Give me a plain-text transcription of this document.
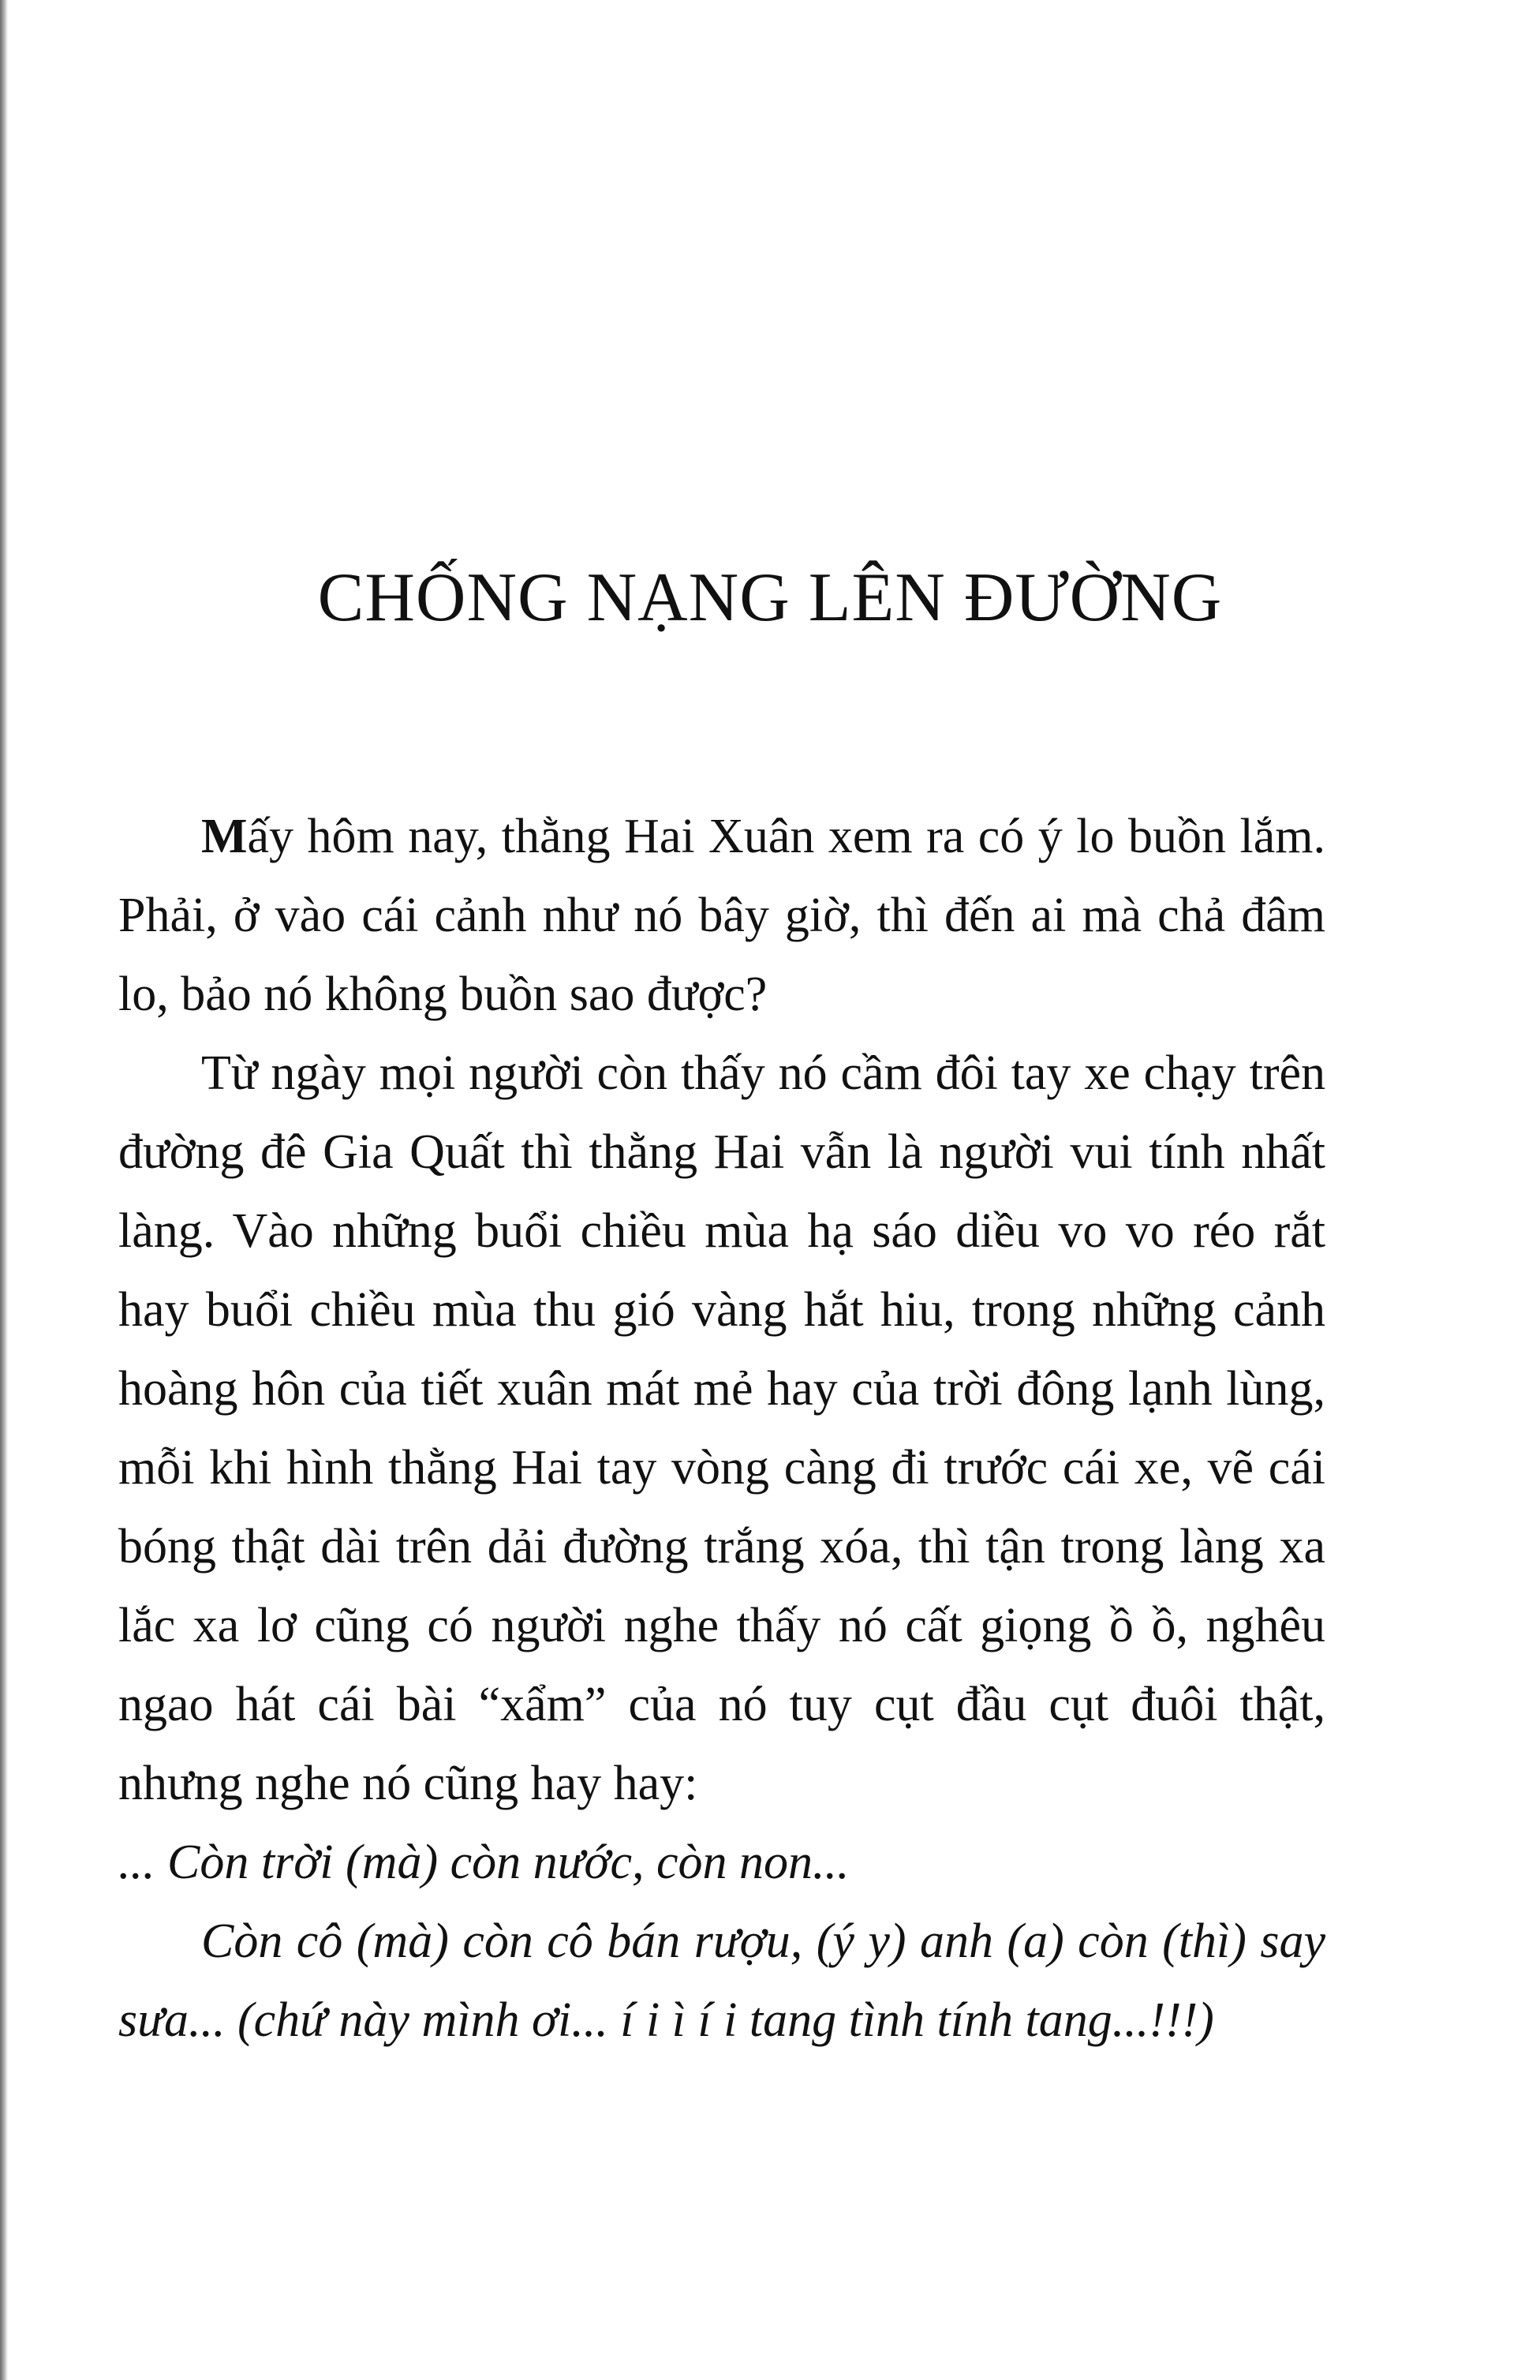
CHỐNG NẠNG LÊN ĐƯỜNG

Mấy hôm nay, thằng Hai Xuân xem ra có ý lo buồn lắm. Phải, ở vào cái cảnh như nó bây giờ, thì đến ai mà chả đâm lo, bảo nó không buồn sao được?

Từ ngày mọi người còn thấy nó cầm đôi tay xe chạy trên đường đê Gia Quất thì thằng Hai vẫn là người vui tính nhất làng. Vào những buổi chiều mùa hạ sáo diều vo vo réo rắt hay buổi chiều mùa thu gió vàng hắt hiu, trong những cảnh hoàng hôn của tiết xuân mát mẻ hay của trời đông lạnh lùng, mỗi khi hình thằng Hai tay vòng càng đi trước cái xe, vẽ cái bóng thật dài trên dải đường trắng xóa, thì tận trong làng xa lắc xa lơ cũng có người nghe thấy nó cất giọng ồ ồ, nghêu ngao hát cái bài “xẩm” của nó tuy cụt đầu cụt đuôi thật, nhưng nghe nó cũng hay hay:

... Còn trời (mà) còn nước, còn non...

Còn cô (mà) còn cô bán rượu, (ý y) anh (a) còn (thì) say sưa... (chứ này mình ơi... í i ì í i tang tình tính tang...!!!)
